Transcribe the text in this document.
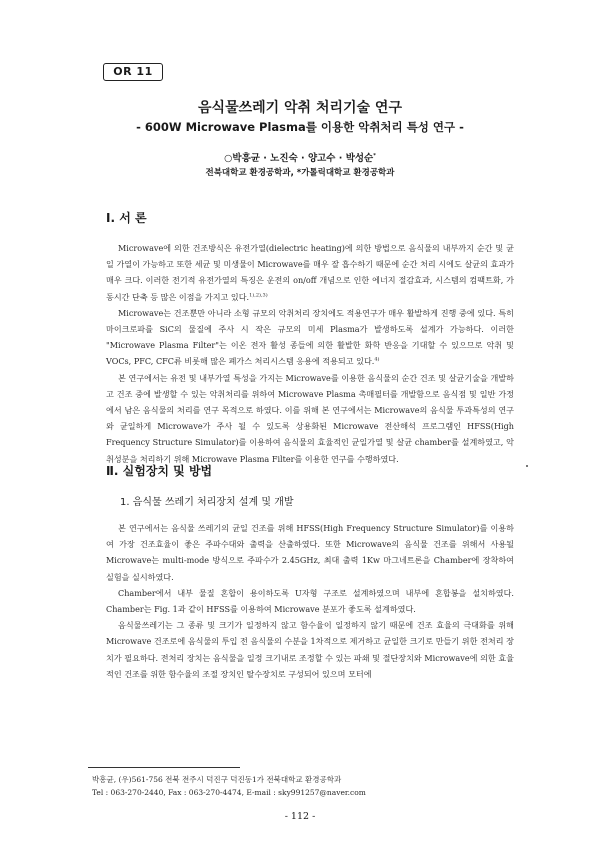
OR 11
음식물쓰레기 악취 처리기술 연구
- 600W Microwave Plasma를 이용한 악취처리 특성 연구 -
○박흥균 · 노진숙 · 양고수 · 박성순*
전북대학교 환경공학과, *가톨릭대학교 환경공학과
Ⅰ. 서 론

Microwave에 의한 건조방식은 유전가열(dielectric heating)에 의한 방법으로 음식물의 내부까지 순간 및 균일 가열이 가능하고 또한 세균 및 미생물이 Microwave를 매우 잘 흡수하기 때문에 순간 처리 시에도 살균의 효과가 매우 크다. 이러한 전기적 유전가열의 특징은 운전의 on/off 개념으로 인한 에너지 절감효과, 시스템의 컴팩트화, 가동시간 단축 등 많은 이점을 가지고 있다.$^{1),2),3)}$

Microwave는 건조뿐만 아니라 소형 규모의 악취처리 장치에도 적용연구가 매우 활발하게 진행 중에 있다. 특히 마이크로파를 SiC의 물질에 주사 시 작은 규모의 미세 Plasma가 발생하도록 설계가 가능하다. 이러한 "Microwave Plasma Filter"는 이온 전자 활성 종들에 의한 활발한 화학 반응을 기대할 수 있으므로 악취 및 VOCs, PFC, CFC류 비롯해 많은 폐가스 처리시스템 응용에 적용되고 있다.$^{4)}$

본 연구에서는 유전 및 내부가열 특성을 가지는 Microwave를 이용한 음식물의 순간 건조 및 살균기술을 개발하고 건조 중에 발생할 수 있는 악취처리를 위하여 Microwave Plasma 촉매필터를 개발함으로 음식점 및 일반 가정에서 남은 음식물의 처리를 연구 목적으로 하였다. 이를 위해 본 연구에서는 Microwave의 음식물 투과특성의 연구와 균일하게 Microwave가 주사 될 수 있도록 상용화된 Microwave 전산해석 프로그램인 HFSS(High Frequency Structure Simulator)를 이용하여 음식물의 효율적인 균일가열 및 살균 chamber를 설계하였고, 악취성분을 처리하기 위해 Microwave Plasma Filter를 이용한 연구를 수행하였다.

Ⅱ. 실험장치 및 방법
1. 음식물 쓰레기 처리장치 설계 및 개발

본 연구에서는 음식물 쓰레기의 균일 건조를 위해 HFSS(High Frequency Structure Simulator)를 이용하여 가장 건조효율이 좋은 주파수대와 출력을 산출하였다. 또한 Microwave의 음식물 건조를 위해서 사용될 Microwave는 multi-mode 방식으로 주파수가 2.45GHz, 최대 출력 1Kw 마그네트론을 Chamber에 장착하여 실험을 실시하였다.

Chamber에서 내부 물질 혼합이 용이하도록 U자형 구조로 설계하였으며 내부에 혼합봉을 설치하였다. Chamber는 Fig. 1과 같이 HFSS를 이용하여 Microwave 분포가 좋도록 설계하였다.

음식물쓰레기는 그 종류 및 크기가 일정하지 않고 함수율이 일정하지 않기 때문에 건조 효율의 극대화를 위해 Microwave 건조로에 음식물의 투입 전 음식물의 수분을 1차적으로 제거하고 균일한 크기로 만들기 위한 전처리 장치가 필요하다. 전처리 장치는 음식물을 일정 크기내로 조정할 수 있는 파쇄 및 절단장치와 Microwave에 의한 효율적인 건조를 위한 함수율의 조절 장치인 탈수장치로 구성되어 있으며 모터에

박흥균, (우)561-756 전북 전주시 덕진구 덕진동1가 전북대학교 환경공학과
Tel : 063-270-2440, Fax : 063-270-4474, E-mail : sky991257@naver.com
- 112 -
